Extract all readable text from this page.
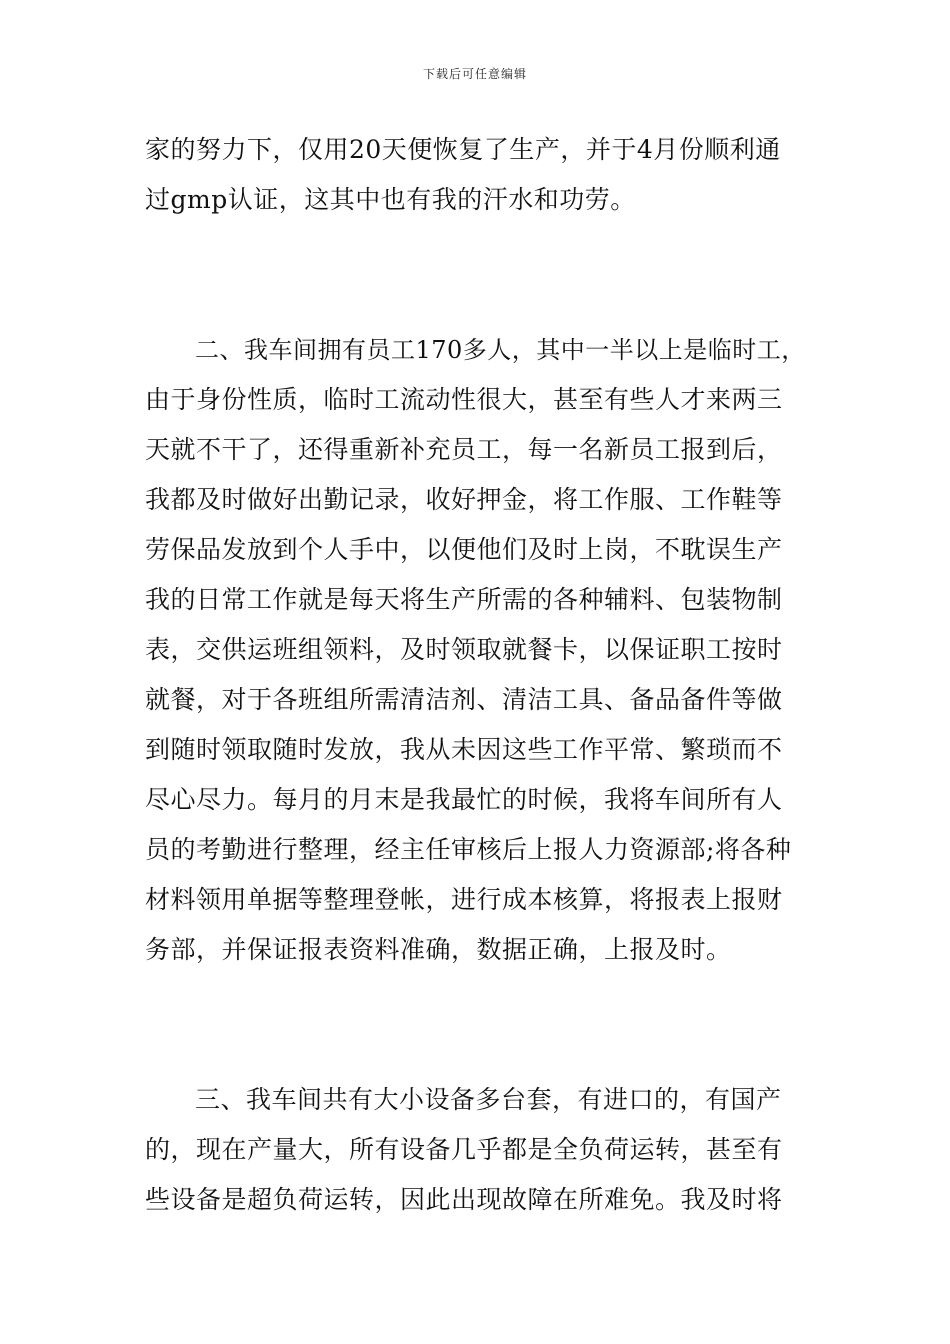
下载后可任意编辑
家的努力下，仅用20天便恢复了生产，并于4月份顺利通
过gmp认证，这其中也有我的汗水和功劳。
二、我车间拥有员工170多人，其中一半以上是临时工，
由于身份性质，临时工流动性很大，甚至有些人才来两三
天就不干了，还得重新补充员工，每一名新员工报到后，
我都及时做好出勤记录，收好押金，将工作服、工作鞋等
劳保品发放到个人手中，以便他们及时上岗，不耽误生产
我的日常工作就是每天将生产所需的各种辅料、包装物制
表，交供运班组领料，及时领取就餐卡，以保证职工按时
就餐，对于各班组所需清洁剂、清洁工具、备品备件等做
到随时领取随时发放，我从未因这些工作平常、繁琐而不
尽心尽力。每月的月末是我最忙的时候，我将车间所有人
员的考勤进行整理，经主任审核后上报人力资源部;将各种
材料领用单据等整理登帐，进行成本核算，将报表上报财
务部，并保证报表资料准确，数据正确，上报及时。
三、我车间共有大小设备多台套，有进口的，有国产
的，现在产量大，所有设备几乎都是全负荷运转，甚至有
些设备是超负荷运转，因此出现故障在所难免。我及时将
